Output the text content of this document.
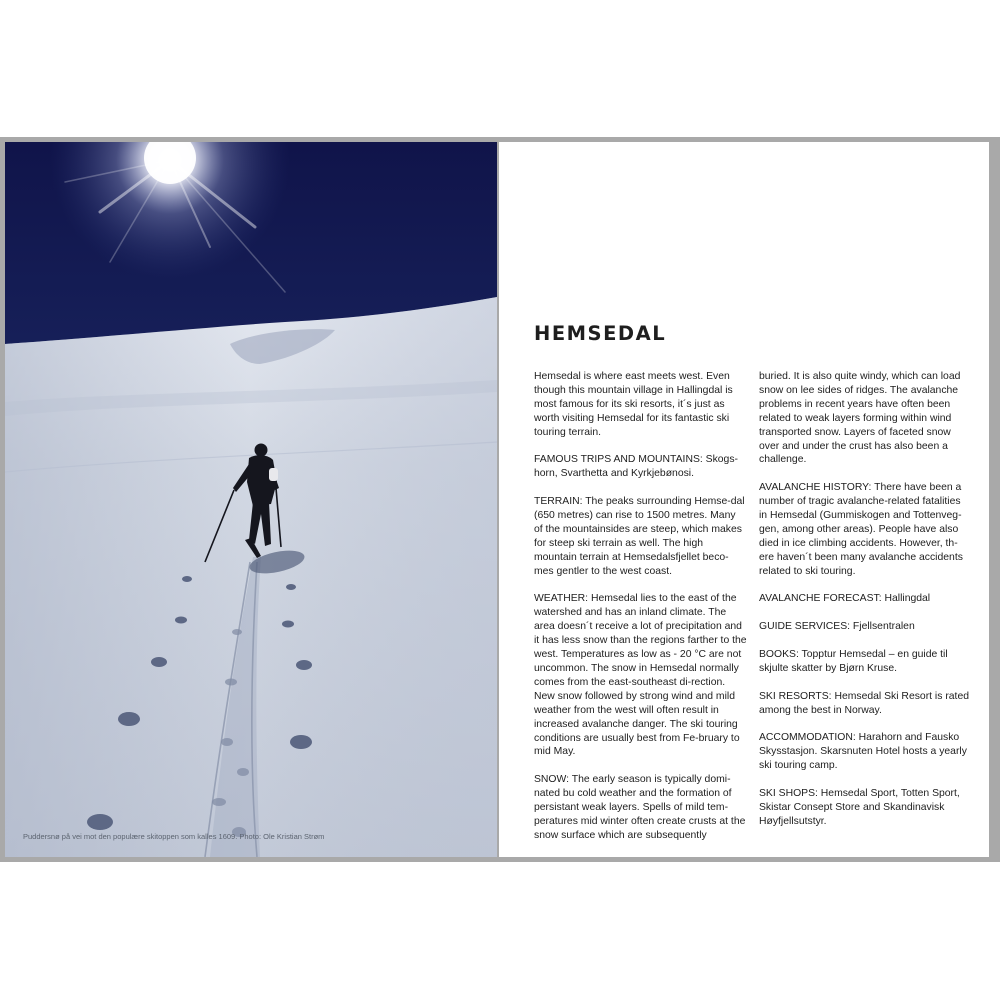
Puddersnø på vei mot den populære skitoppen som kalles 1609. Photo: Ole Kristian Strøm
HEMSEDAL

Hemsedal is where east meets west. Even though this mountain village in Hallingdal is most famous for its ski resorts, it´s just as worth visiting Hemsedal for its fantastic ski touring terrain.

FAMOUS TRIPS AND MOUNTAINS: Skogs-horn, Svarthetta and Kyrkjebønosi.

TERRAIN: The peaks surrounding Hemse-dal (650 metres) can rise to 1500 metres. Many of the mountainsides are steep, which makes for steep ski terrain as well. The high mountain terrain at Hemsedalsfjellet beco-mes gentler to the west coast.

WEATHER: Hemsedal lies to the east of the watershed and has an inland climate. The area doesn´t receive a lot of precipitation and it has less snow than the regions farther to the west. Temperatures as low as - 20 °C are not uncommon. The snow in Hemsedal normally comes from the east-southeast di-rection. New snow followed by strong wind and mild weather from the west will often result in increased avalanche danger. The ski touring conditions are usually best from Fe-bruary to mid May.

SNOW: The early season is typically domi-nated bu cold weather and the formation of persistant weak layers. Spells of mild tem-peratures mid winter often create crusts at the snow surface which are subsequently

buried. It is also quite windy, which can load snow on lee sides of ridges. The avalanche problems in recent years have often been related to weak layers forming within wind transported snow. Layers of faceted snow over and under the crust has also been a challenge.

AVALANCHE HISTORY: There have been a number of tragic avalanche-related fatalities in Hemsedal (Gummiskogen and Tottenveg-gen, among other areas). People have also died in ice climbing accidents. However, th-ere haven´t been many avalanche accidents related to ski touring.

AVALANCHE FORECAST: Hallingdal

GUIDE SERVICES: Fjellsentralen

BOOKS: Topptur Hemsedal – en guide til skjulte skatter by Bjørn Kruse.

SKI RESORTS: Hemsedal Ski Resort is rated among the best in Norway.

ACCOMMODATION: Harahorn and Fausko Skysstasjon. Skarsnuten Hotel hosts a yearly ski touring camp.

SKI SHOPS: Hemsedal Sport, Totten Sport, Skistar Consept Store and Skandinavisk Høyfjellsutstyr.
